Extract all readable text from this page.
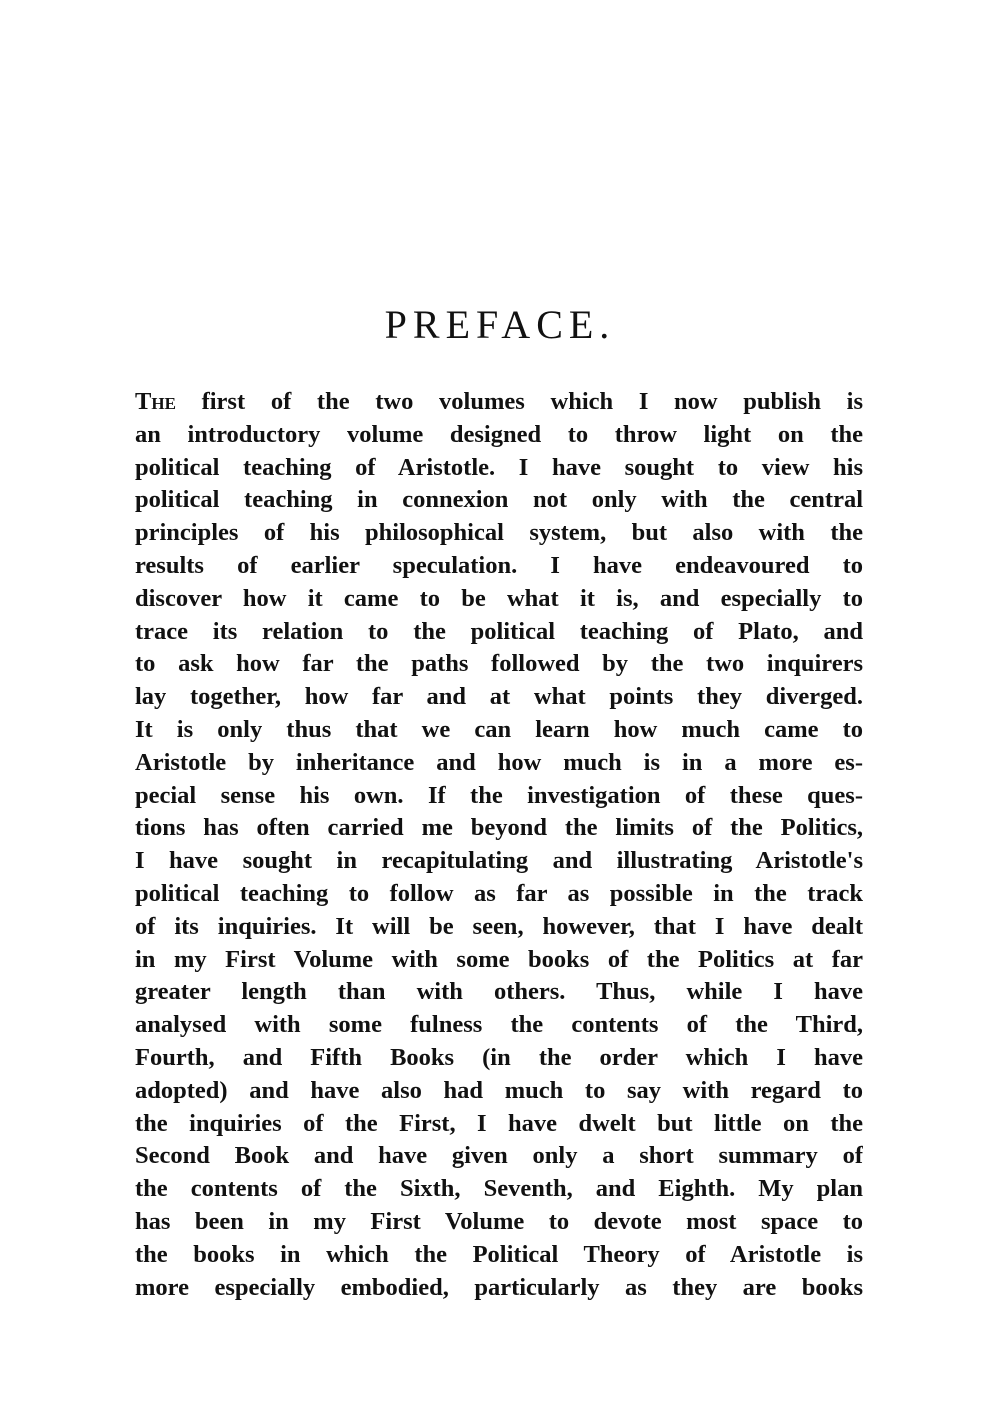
PREFACE.
The first of the two volumes which I now publish is
an introductory volume designed to throw light on the
political teaching of Aristotle. I have sought to view his
political teaching in connexion not only with the central
principles of his philosophical system, but also with the
results of earlier speculation. I have endeavoured to
discover how it came to be what it is, and especially to
trace its relation to the political teaching of Plato, and
to ask how far the paths followed by the two inquirers
lay together, how far and at what points they diverged.
It is only thus that we can learn how much came to
Aristotle by inheritance and how much is in a more es-
pecial sense his own. If the investigation of these ques-
tions has often carried me beyond the limits of the Politics,
I have sought in recapitulating and illustrating Aristotle's
political teaching to follow as far as possible in the track
of its inquiries. It will be seen, however, that I have dealt
in my First Volume with some books of the Politics at far
greater length than with others. Thus, while I have
analysed with some fulness the contents of the Third,
Fourth, and Fifth Books (in the order which I have
adopted) and have also had much to say with regard to
the inquiries of the First, I have dwelt but little on the
Second Book and have given only a short summary of
the contents of the Sixth, Seventh, and Eighth. My plan
has been in my First Volume to devote most space to
the books in which the Political Theory of Aristotle is
more especially embodied, particularly as they are books
